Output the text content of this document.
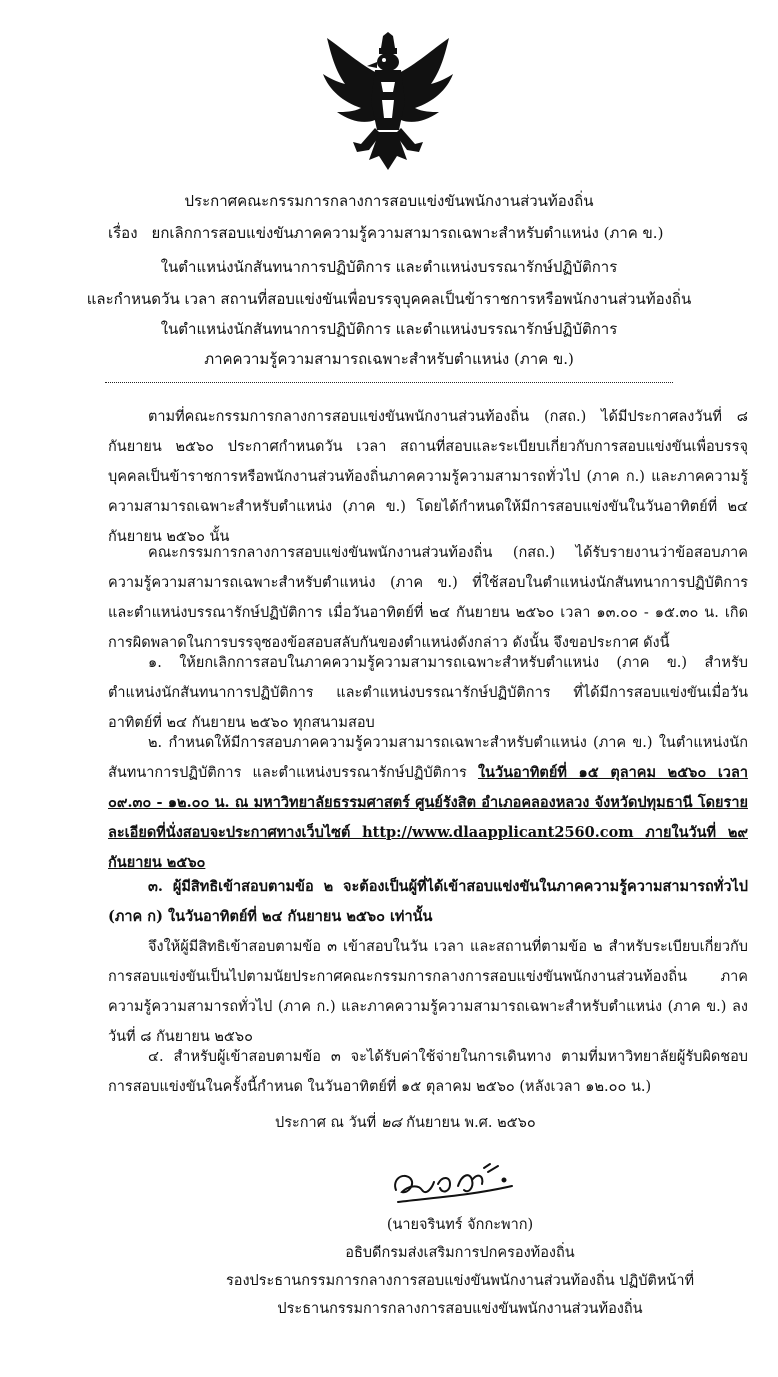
ประกาศคณะกรรมการกลางการสอบแข่งขันพนักงานส่วนท้องถิ่น
เรื่อง ยกเลิกการสอบแข่งขันภาคความรู้ความสามารถเฉพาะสำหรับตำแหน่ง (ภาค ข.)
ในตำแหน่งนักสันทนาการปฏิบัติการ และตำแหน่งบรรณารักษ์ปฏิบัติการ
และกำหนดวัน เวลา สถานที่สอบแข่งขันเพื่อบรรจุบุคคลเป็นข้าราชการหรือพนักงานส่วนท้องถิ่น
ในตำแหน่งนักสันทนาการปฏิบัติการ และตำแหน่งบรรณารักษ์ปฏิบัติการ
ภาคความรู้ความสามารถเฉพาะสำหรับตำแหน่ง (ภาค ข.)
ตามที่คณะกรรมการกลางการสอบแข่งขันพนักงานส่วนท้องถิ่น (กสถ.) ได้มีประกาศลงวันที่ ๘ กันยายน ๒๕๖๐ ประกาศกำหนดวัน เวลา สถานที่สอบและระเบียบเกี่ยวกับการสอบแข่งขันเพื่อบรรจุบุคคลเป็นข้าราชการหรือพนักงานส่วนท้องถิ่นภาคความรู้ความสามารถทั่วไป (ภาค ก.) และภาคความรู้ความสามารถเฉพาะสำหรับตำแหน่ง (ภาค ข.) โดยได้กำหนดให้มีการสอบแข่งขันในวันอาทิตย์ที่ ๒๔ กันยายน ๒๕๖๐ นั้น
คณะกรรมการกลางการสอบแข่งขันพนักงานส่วนท้องถิ่น (กสถ.) ได้รับรายงานว่าข้อสอบภาคความรู้ความสามารถเฉพาะสำหรับตำแหน่ง (ภาค ข.) ที่ใช้สอบในตำแหน่งนักสันทนาการปฏิบัติการ และตำแหน่งบรรณารักษ์ปฏิบัติการ เมื่อวันอาทิตย์ที่ ๒๔ กันยายน ๒๕๖๐ เวลา ๑๓.๐๐ - ๑๕.๓๐ น. เกิดการผิดพลาดในการบรรจุซองข้อสอบสลับกันของตำแหน่งดังกล่าว ดังนั้น จึงขอประกาศ ดังนี้
๑. ให้ยกเลิกการสอบในภาคความรู้ความสามารถเฉพาะสำหรับตำแหน่ง (ภาค ข.) สำหรับตำแหน่งนักสันทนาการปฏิบัติการ และตำแหน่งบรรณารักษ์ปฏิบัติการ ที่ได้มีการสอบแข่งขันเมื่อวันอาทิตย์ที่ ๒๔ กันยายน ๒๕๖๐ ทุกสนามสอบ
๒. กำหนดให้มีการสอบภาคความรู้ความสามารถเฉพาะสำหรับตำแหน่ง (ภาค ข.) ในตำแหน่งนักสันทนาการปฏิบัติการ และตำแหน่งบรรณารักษ์ปฏิบัติการ ในวันอาทิตย์ที่ ๑๕ ตุลาคม ๒๕๖๐ เวลา ๐๙.๓๐ - ๑๒.๐๐ น. ณ มหาวิทยาลัยธรรมศาสตร์ ศูนย์รังสิต อำเภอคลองหลวง จังหวัดปทุมธานี โดยรายละเอียดที่นั่งสอบจะประกาศทางเว็บไซต์ http://www.dlaapplicant2560.com ภายในวันที่ ๒๙ กันยายน ๒๕๖๐
๓. ผู้มีสิทธิเข้าสอบตามข้อ ๒ จะต้องเป็นผู้ที่ได้เข้าสอบแข่งขันในภาคความรู้ความสามารถทั่วไป (ภาค ก) ในวันอาทิตย์ที่ ๒๔ กันยายน ๒๕๖๐ เท่านั้น
จึงให้ผู้มีสิทธิเข้าสอบตามข้อ ๓ เข้าสอบในวัน เวลา และสถานที่ตามข้อ ๒ สำหรับระเบียบเกี่ยวกับการสอบแข่งขันเป็นไปตามนัยประกาศคณะกรรมการกลางการสอบแข่งขันพนักงานส่วนท้องถิ่น ภาคความรู้ความสามารถทั่วไป (ภาค ก.) และภาคความรู้ความสามารถเฉพาะสำหรับตำแหน่ง (ภาค ข.) ลงวันที่ ๘ กันยายน ๒๕๖๐
๔. สำหรับผู้เข้าสอบตามข้อ ๓ จะได้รับค่าใช้จ่ายในการเดินทาง ตามที่มหาวิทยาลัยผู้รับผิดชอบการสอบแข่งขันในครั้งนี้กำหนด ในวันอาทิตย์ที่ ๑๕ ตุลาคม ๒๕๖๐ (หลังเวลา ๑๒.๐๐ น.)
ประกาศ ณ วันที่ ๒๘ กันยายน พ.ศ. ๒๕๖๐
(นายจรินทร์ จักกะพาก)
อธิบดีกรมส่งเสริมการปกครองท้องถิ่น
รองประธานกรรมการกลางการสอบแข่งขันพนักงานส่วนท้องถิ่น ปฏิบัติหน้าที่
ประธานกรรมการกลางการสอบแข่งขันพนักงานส่วนท้องถิ่น
